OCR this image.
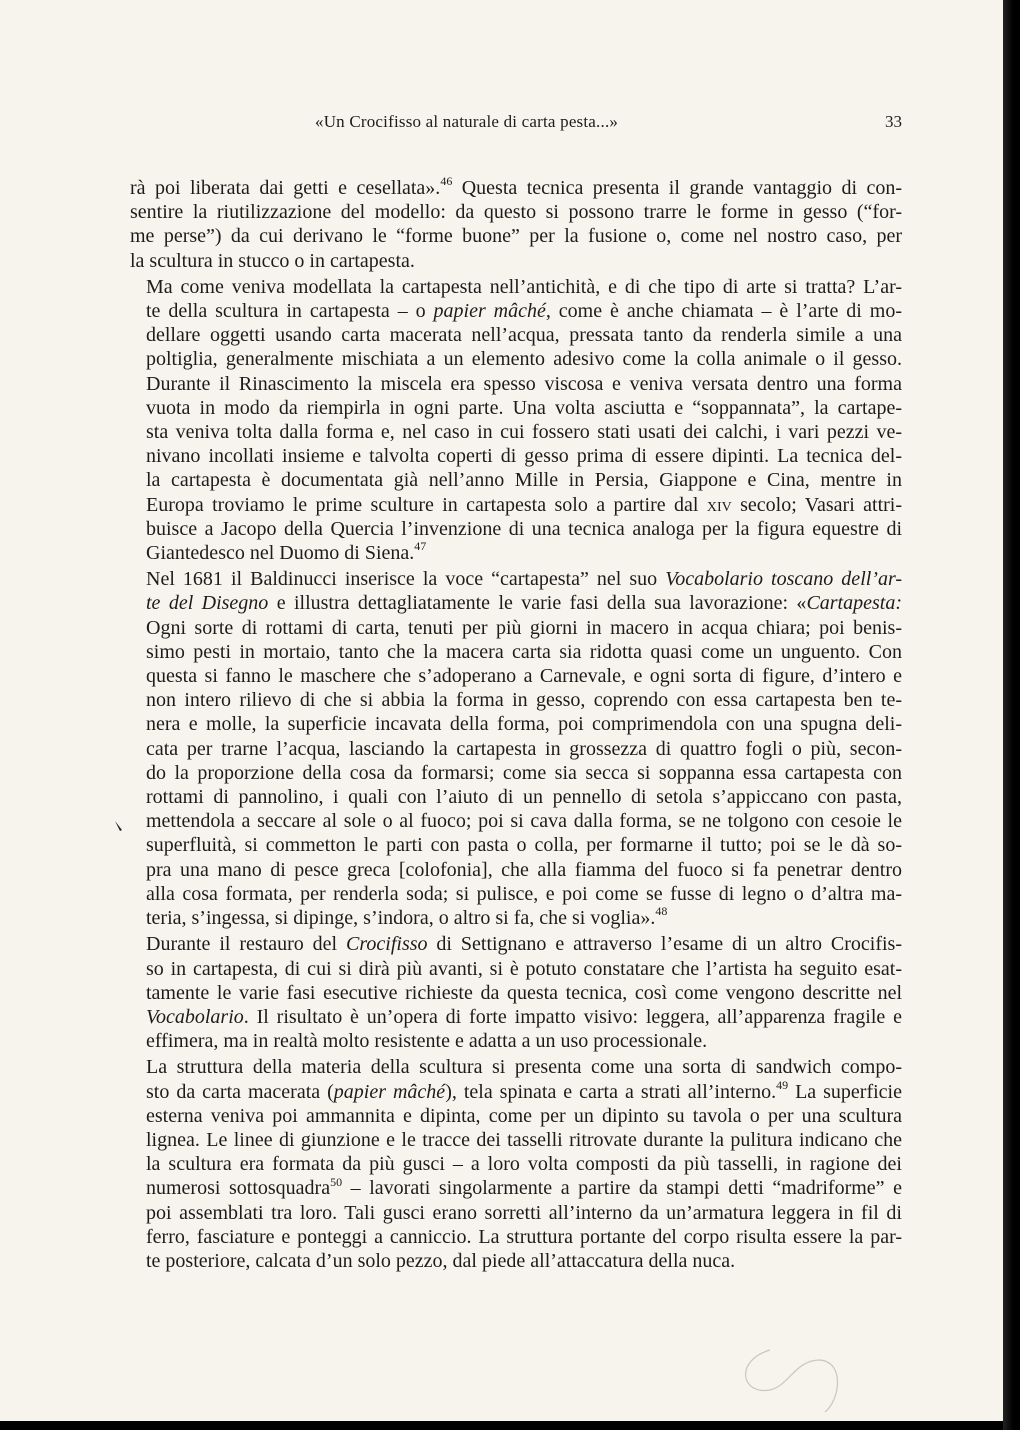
«Un Crocifisso al naturale di carta pesta...»	33
rà poi liberata dai getti e cesellata».$^{46}$ Questa tecnica presenta il grande vantaggio di con-
sentire la riutilizzazione del modello: da questo si possono trarre le forme in gesso (“for-
me perse”) da cui derivano le “forme buone” per la fusione o, come nel nostro caso, per
la scultura in stucco o in cartapesta.
Ma come veniva modellata la cartapesta nell’antichità, e di che tipo di arte si tratta? L’ar-
te della scultura in cartapesta – o papier mâché, come è anche chiamata – è l’arte di mo-
dellare oggetti usando carta macerata nell’acqua, pressata tanto da renderla simile a una
poltiglia, generalmente mischiata a un elemento adesivo come la colla animale o il gesso.
Durante il Rinascimento la miscela era spesso viscosa e veniva versata dentro una forma
vuota in modo da riempirla in ogni parte. Una volta asciutta e “soppannata”, la cartape-
sta veniva tolta dalla forma e, nel caso in cui fossero stati usati dei calchi, i vari pezzi ve-
nivano incollati insieme e talvolta coperti di gesso prima di essere dipinti. La tecnica del-
la cartapesta è documentata già nell’anno Mille in Persia, Giappone e Cina, mentre in
Europa troviamo le prime sculture in cartapesta solo a partire dal xiv secolo; Vasari attri-
buisce a Jacopo della Quercia l’invenzione di una tecnica analoga per la figura equestre di
Giantedesco nel Duomo di Siena.$^{47}$
Nel 1681 il Baldinucci inserisce la voce “cartapesta” nel suo Vocabolario toscano dell’ar-
te del Disegno e illustra dettagliatamente le varie fasi della sua lavorazione: «Cartapesta:
Ogni sorte di rottami di carta, tenuti per più giorni in macero in acqua chiara; poi benis-
simo pesti in mortaio, tanto che la macera carta sia ridotta quasi come un unguento. Con
questa si fanno le maschere che s’adoperano a Carnevale, e ogni sorta di figure, d’intero e
non intero rilievo di che si abbia la forma in gesso, coprendo con essa cartapesta ben te-
nera e molle, la superficie incavata della forma, poi comprimendola con una spugna deli-
cata per trarne l’acqua, lasciando la cartapesta in grossezza di quattro fogli o più, secon-
do la proporzione della cosa da formarsi; come sia secca si soppanna essa cartapesta con
rottami di pannolino, i quali con l’aiuto di un pennello di setola s’appiccano con pasta,
mettendola a seccare al sole o al fuoco; poi si cava dalla forma, se ne tolgono con cesoie le
superfluità, si commetton le parti con pasta o colla, per formarne il tutto; poi se le dà so-
pra una mano di pesce greca [colofonia], che alla fiamma del fuoco si fa penetrar dentro
alla cosa formata, per renderla soda; si pulisce, e poi come se fusse di legno o d’altra ma-
teria, s’ingessa, si dipinge, s’indora, o altro si fa, che si voglia».$^{48}$
Durante il restauro del Crocifisso di Settignano e attraverso l’esame di un altro Crocifis-
so in cartapesta, di cui si dirà più avanti, si è potuto constatare che l’artista ha seguito esat-
tamente le varie fasi esecutive richieste da questa tecnica, così come vengono descritte nel
Vocabolario. Il risultato è un’opera di forte impatto visivo: leggera, all’apparenza fragile e
effimera, ma in realtà molto resistente e adatta a un uso processionale.
La struttura della materia della scultura si presenta come una sorta di sandwich compo-
sto da carta macerata (papier mâché), tela spinata e carta a strati all’interno.$^{49}$ La superficie
esterna veniva poi ammannita e dipinta, come per un dipinto su tavola o per una scultura
lignea. Le linee di giunzione e le tracce dei tasselli ritrovate durante la pulitura indicano che
la scultura era formata da più gusci – a loro volta composti da più tasselli, in ragione dei
numerosi sottosquadra$^{50}$ – lavorati singolarmente a partire da stampi detti “madriforme” e
poi assemblati tra loro. Tali gusci erano sorretti all’interno da un’armatura leggera in fil di
ferro, fasciature e ponteggi a canniccio. La struttura portante del corpo risulta essere la par-
te posteriore, calcata d’un solo pezzo, dal piede all’attaccatura della nuca.
